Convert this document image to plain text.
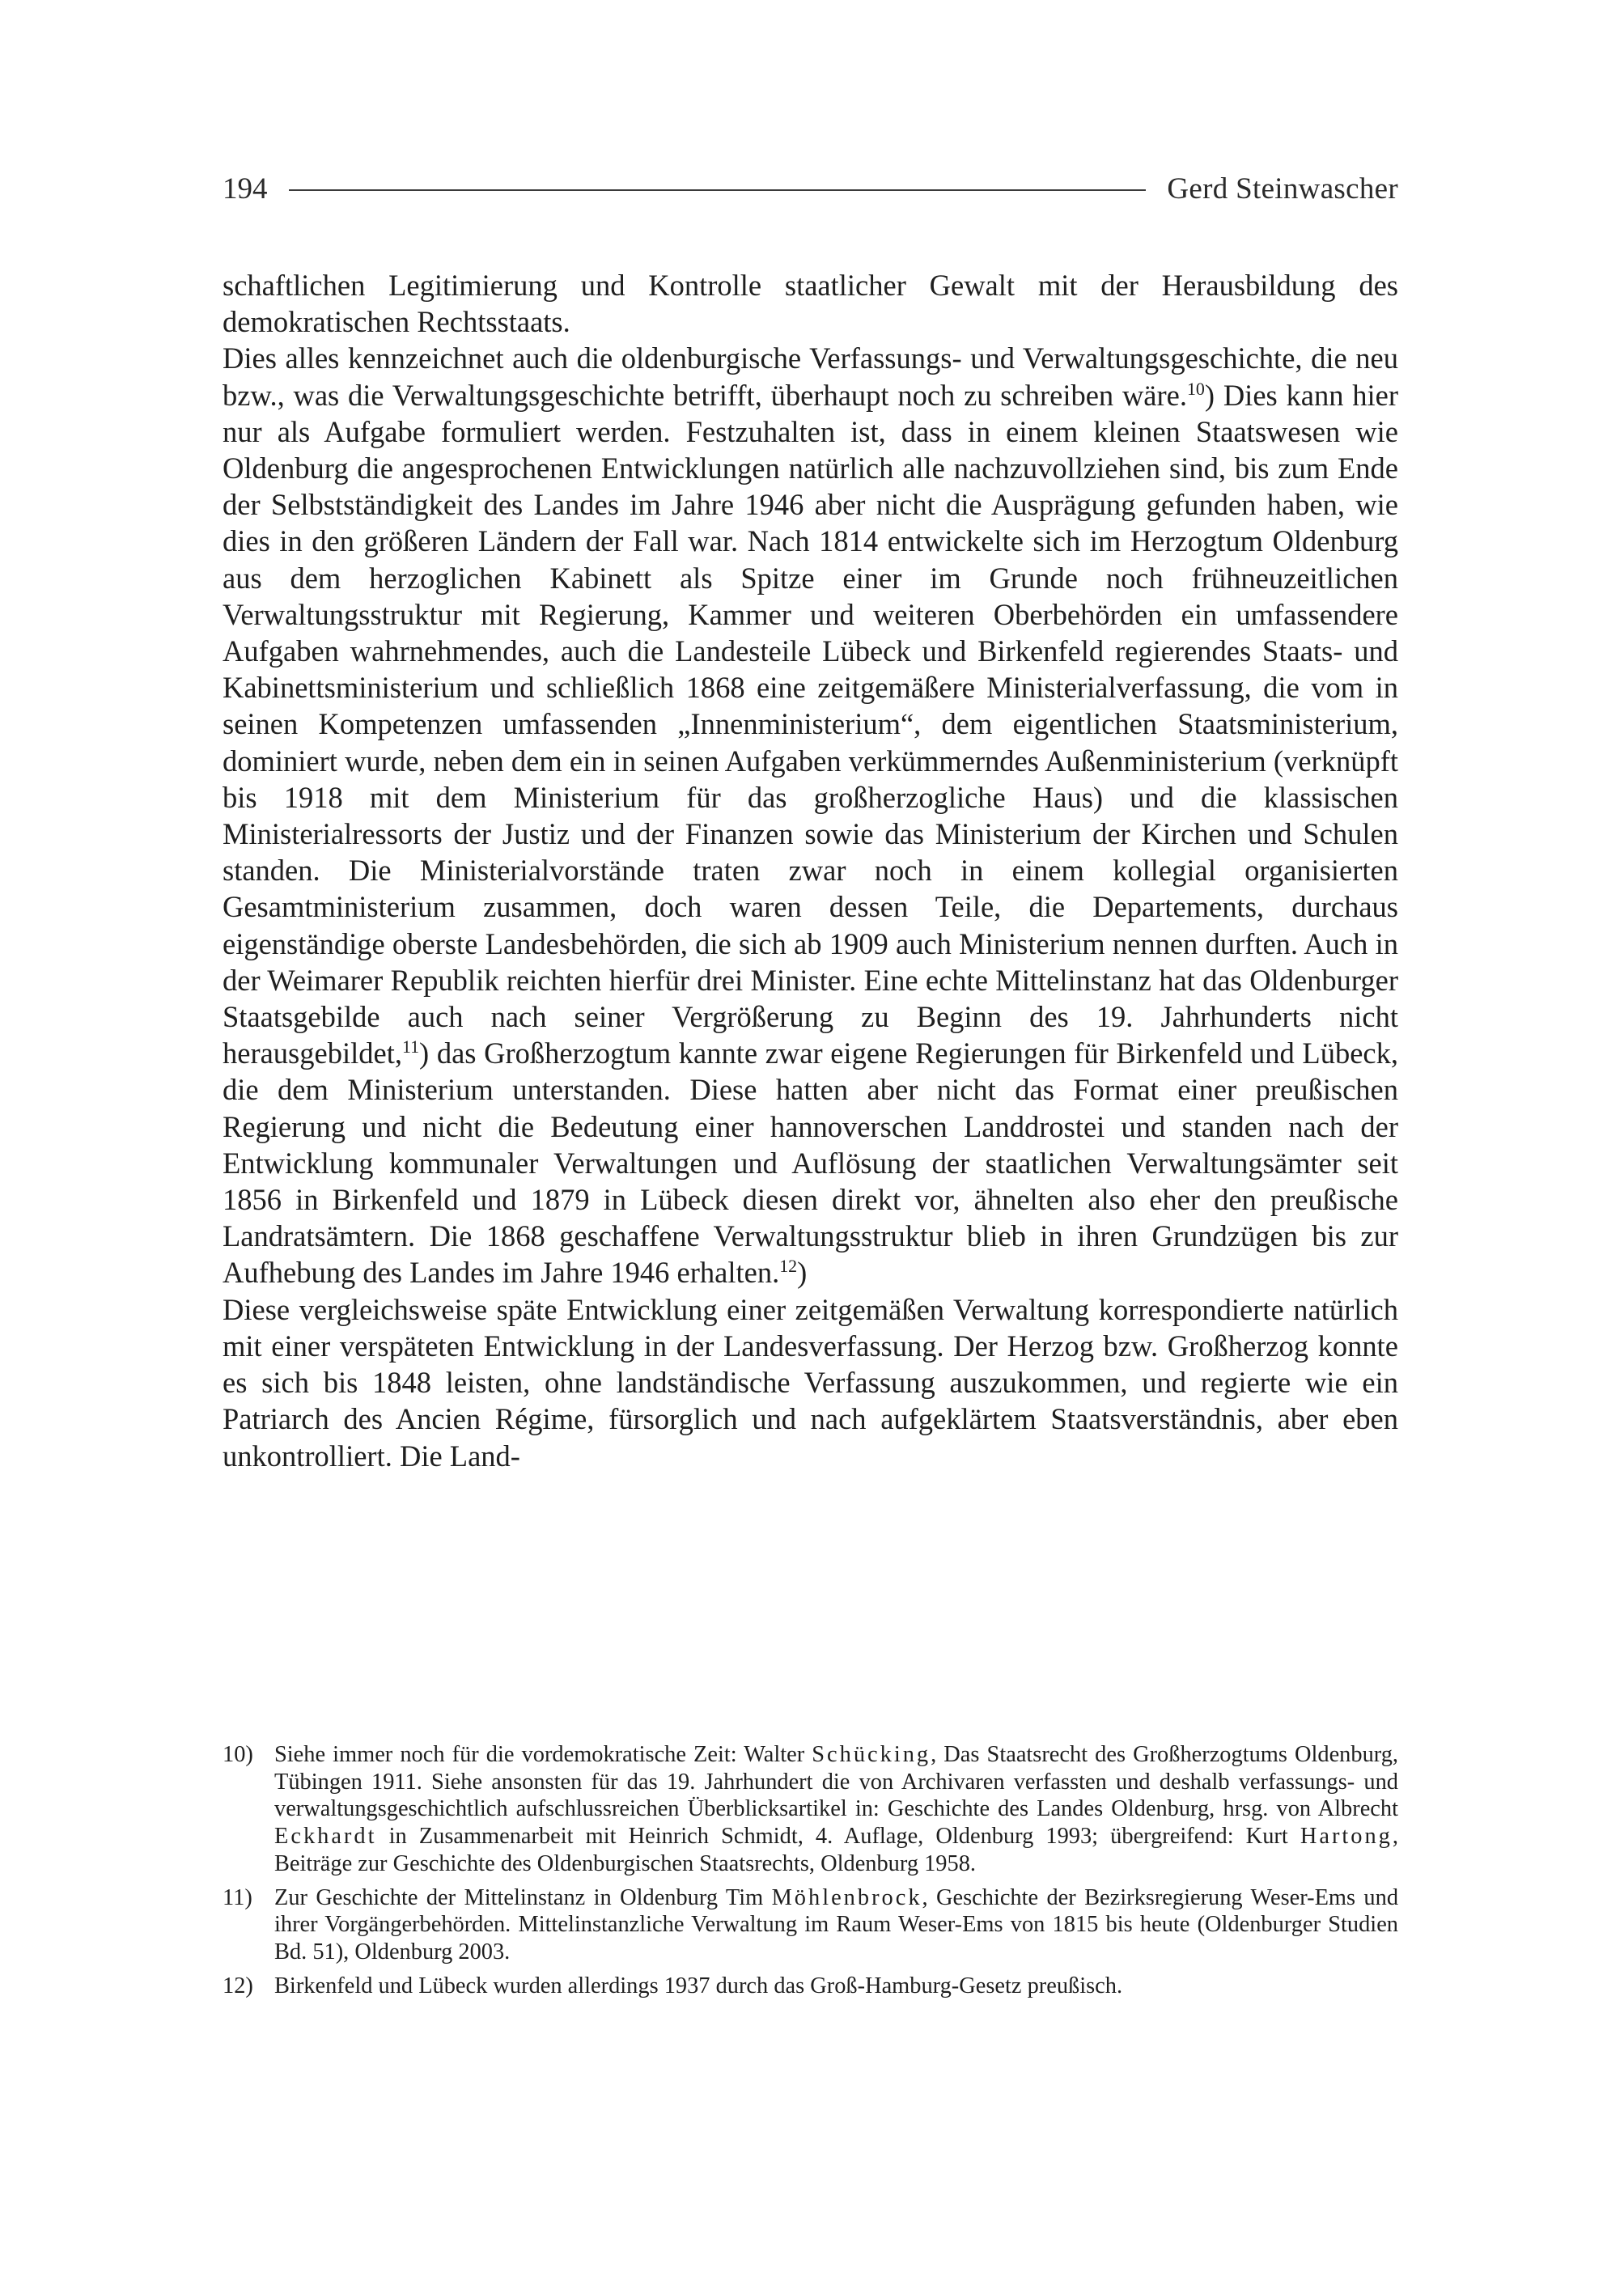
194	Gerd Steinwascher

schaftlichen Legitimierung und Kontrolle staatlicher Gewalt mit der Herausbildung des demokratischen Rechtsstaats.

Dies alles kennzeichnet auch die oldenburgische Verfassungs- und Verwaltungsgeschichte, die neu bzw., was die Verwaltungsgeschichte betrifft, überhaupt noch zu schreiben wäre.$^{10}$) Dies kann hier nur als Aufgabe formuliert werden. Festzuhalten ist, dass in einem kleinen Staatswesen wie Oldenburg die angesprochenen Entwicklungen natürlich alle nachzuvollziehen sind, bis zum Ende der Selbstständigkeit des Landes im Jahre 1946 aber nicht die Ausprägung gefunden haben, wie dies in den größeren Ländern der Fall war. Nach 1814 entwickelte sich im Herzogtum Oldenburg aus dem herzoglichen Kabinett als Spitze einer im Grunde noch frühneuzeitlichen Verwaltungsstruktur mit Regierung, Kammer und weiteren Oberbehörden ein umfassendere Aufgaben wahrnehmendes, auch die Landesteile Lübeck und Birkenfeld regierendes Staats- und Kabinettsministerium und schließlich 1868 eine zeitgemäßere Ministerialverfassung, die vom in seinen Kompetenzen umfassenden „Innenministerium“, dem eigentlichen Staatsministerium, dominiert wurde, neben dem ein in seinen Aufgaben verkümmerndes Außenministerium (verknüpft bis 1918 mit dem Ministerium für das großherzogliche Haus) und die klassischen Ministerialressorts der Justiz und der Finanzen sowie das Ministerium der Kirchen und Schulen standen. Die Ministerialvorstände traten zwar noch in einem kollegial organisierten Gesamtministerium zusammen, doch waren dessen Teile, die Departements, durchaus eigenständige oberste Landesbehörden, die sich ab 1909 auch Ministerium nennen durften. Auch in der Weimarer Republik reichten hierfür drei Minister. Eine echte Mittelinstanz hat das Oldenburger Staatsgebilde auch nach seiner Vergrößerung zu Beginn des 19. Jahrhunderts nicht herausgebildet,$^{11}$) das Großherzogtum kannte zwar eigene Regierungen für Birkenfeld und Lübeck, die dem Ministerium unterstanden. Diese hatten aber nicht das Format einer preußischen Regierung und nicht die Bedeutung einer hannoverschen Landdrostei und standen nach der Entwicklung kommunaler Verwaltungen und Auflösung der staatlichen Verwaltungsämter seit 1856 in Birkenfeld und 1879 in Lübeck diesen direkt vor, ähnelten also eher den preußische Landratsämtern. Die 1868 geschaffene Verwaltungsstruktur blieb in ihren Grundzügen bis zur Aufhebung des Landes im Jahre 1946 erhalten.$^{12}$)

Diese vergleichsweise späte Entwicklung einer zeitgemäßen Verwaltung korrespondierte natürlich mit einer verspäteten Entwicklung in der Landesverfassung. Der Herzog bzw. Großherzog konnte es sich bis 1848 leisten, ohne landständische Verfassung auszukommen, und regierte wie ein Patriarch des Ancien Régime, fürsorglich und nach aufgeklärtem Staatsverständnis, aber eben unkontrolliert. Die Land-

10) Siehe immer noch für die vordemokratische Zeit: Walter Schücking, Das Staatsrecht des Großherzogtums Oldenburg, Tübingen 1911. Siehe ansonsten für das 19. Jahrhundert die von Archivaren verfassten und deshalb verfassungs- und verwaltungsgeschichtlich aufschlussreichen Überblicksartikel in: Geschichte des Landes Oldenburg, hrsg. von Albrecht Eckhardt in Zusammenarbeit mit Heinrich Schmidt, 4. Auflage, Oldenburg 1993; übergreifend: Kurt Hartong, Beiträge zur Geschichte des Oldenburgischen Staatsrechts, Oldenburg 1958.
11) Zur Geschichte der Mittelinstanz in Oldenburg Tim Möhlenbrock, Geschichte der Bezirksregierung Weser-Ems und ihrer Vorgängerbehörden. Mittelinstanzliche Verwaltung im Raum Weser-Ems von 1815 bis heute (Oldenburger Studien Bd. 51), Oldenburg 2003.
12) Birkenfeld und Lübeck wurden allerdings 1937 durch das Groß-Hamburg-Gesetz preußisch.
